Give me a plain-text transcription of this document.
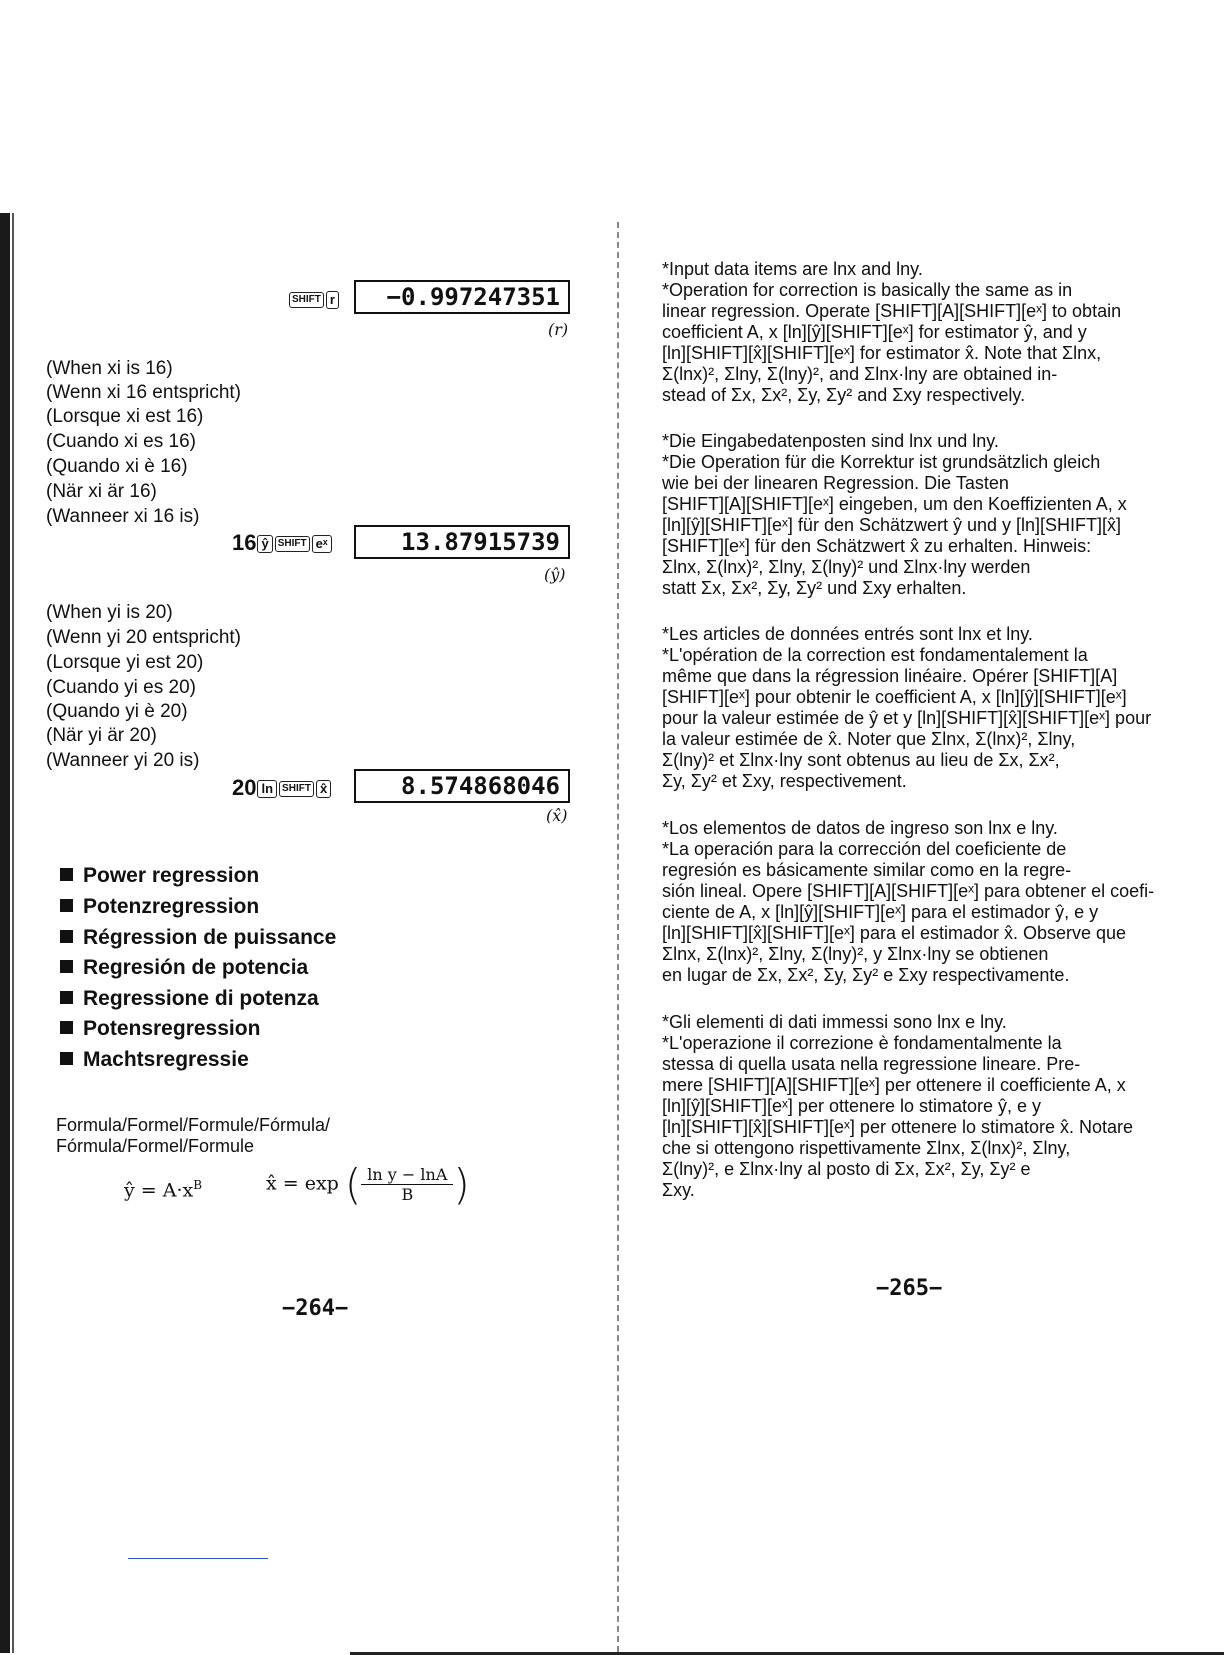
SHIFT r	−0.997247351
(r)
(When xi is 16)
(Wenn xi 16 entspricht)
(Lorsque xi est 16)
(Cuando xi es 16)
(Quando xi è 16)
(När xi är 16)
(Wanneer xi 16 is)
16 ŷ SHIFT eˣ	13.87915739
(ŷ)
(When yi is 20)
(Wenn yi 20 entspricht)
(Lorsque yi est 20)
(Cuando yi es 20)
(Quando yi è 20)
(När yi är 20)
(Wanneer yi 20 is)
20 ln SHIFT x̂	8.574868046
(x̂)
Power regression
Potenzregression
Régression de puissance
Regresión de potencia
Regressione di potenza
Potensregression
Machtsregressie
Formula/Formel/Formule/Fórmula/
Fórmula/Formel/Formule
ŷ = $A\cdot x^B$	x̂ = exp ( $\frac{\text{ln y − lnA}}{B}$ )
−264−
*Input data items are lnx and lny.
*Operation for correction is basically the same as in
linear regression. Operate [SHIFT][A][SHIFT][eˣ] to obtain
coefficient A, x [ln][ŷ][SHIFT][eˣ] for estimator ŷ, and y
[ln][SHIFT][x̂][SHIFT][eˣ] for estimator x̂. Note that Σlnx,
Σ(lnx)², Σlny, Σ(lny)², and Σlnx·lny are obtained in-
stead of Σx, Σx², Σy, Σy² and Σxy respectively.
*Die Eingabedatenposten sind lnx und lny.
*Die Operation für die Korrektur ist grundsätzlich gleich
wie bei der linearen Regression. Die Tasten
[SHIFT][A][SHIFT][eˣ] eingeben, um den Koeffizienten A, x
[ln][ŷ][SHIFT][eˣ] für den Schätzwert ŷ und y [ln][SHIFT][x̂]
[SHIFT][eˣ] für den Schätzwert x̂ zu erhalten. Hinweis:
Σlnx, Σ(lnx)², Σlny, Σ(lny)² und Σlnx·lny werden
statt Σx, Σx², Σy, Σy² und Σxy erhalten.
*Les articles de données entrés sont lnx et lny.
*L'opération de la correction est fondamentalement la
même que dans la régression linéaire. Opérer [SHIFT][A]
[SHIFT][eˣ] pour obtenir le coefficient A, x [ln][ŷ][SHIFT][eˣ]
pour la valeur estimée de ŷ et y [ln][SHIFT][x̂][SHIFT][eˣ] pour
la valeur estimée de x̂. Noter que Σlnx, Σ(lnx)², Σlny,
Σ(lny)² et Σlnx·lny sont obtenus au lieu de Σx, Σx²,
Σy, Σy² et Σxy, respectivement.
*Los elementos de datos de ingreso son lnx e lny.
*La operación para la corrección del coeficiente de
regresión es básicamente similar como en la regre-
sión lineal. Opere [SHIFT][A][SHIFT][eˣ] para obtener el coefi-
ciente de A, x [ln][ŷ][SHIFT][eˣ] para el estimador ŷ, e y
[ln][SHIFT][x̂][SHIFT][eˣ] para el estimador x̂. Observe que
Σlnx, Σ(lnx)², Σlny, Σ(lny)², y Σlnx·lny se obtienen
en lugar de Σx, Σx², Σy, Σy² e Σxy respectivamente.
*Gli elementi di dati immessi sono lnx e lny.
*L'operazione il correzione è fondamentalmente la
stessa di quella usata nella regressione lineare. Pre-
mere [SHIFT][A][SHIFT][eˣ] per ottenere il coefficiente A, x
[ln][ŷ][SHIFT][eˣ] per ottenere lo stimatore ŷ, e y
[ln][SHIFT][x̂][SHIFT][eˣ] per ottenere lo stimatore x̂. Notare
che si ottengono rispettivamente Σlnx, Σ(lnx)², Σlny,
Σ(lny)², e Σlnx·lny al posto di Σx, Σx², Σy, Σy² e
Σxy.
−265−
